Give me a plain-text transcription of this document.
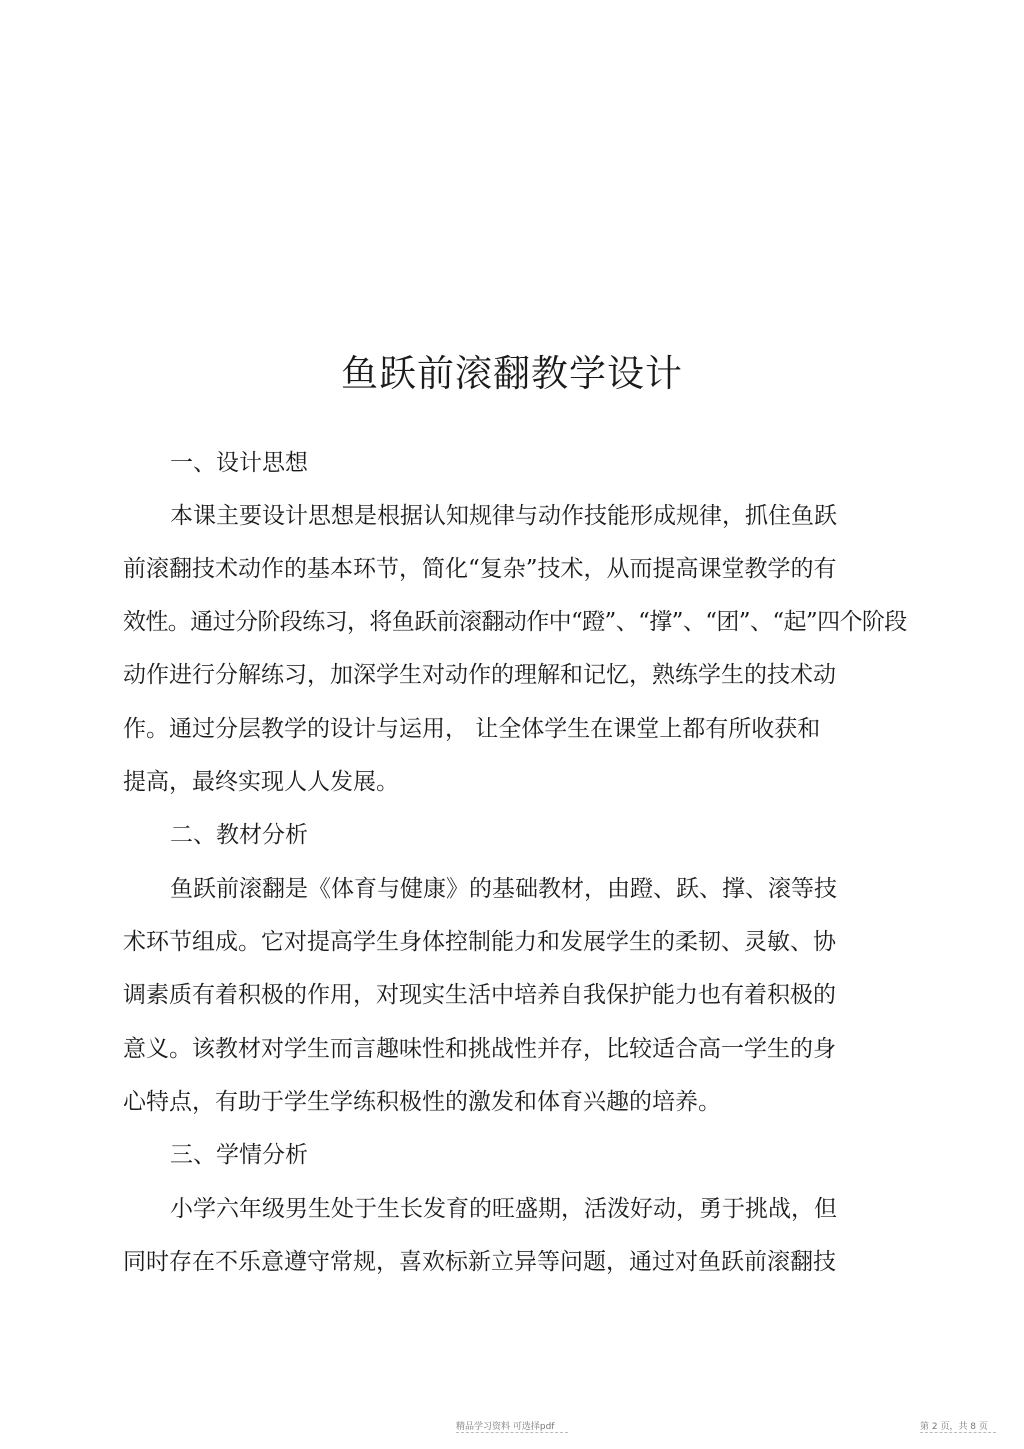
鱼跃前滚翻教学设计

一、设计思想

本课主要设计思想是根据认知规律与动作技能形成规律，抓住鱼跃

前滚翻技术动作的基本环节，简化“复杂”技术，从而提高课堂教学的有

效性。通过分阶段练习，将鱼跃前滚翻动作中“蹬”、“撑”、“团”、“起”四个阶段

动作进行分解练习，加深学生对动作的理解和记忆，熟练学生的技术动

作。通过分层教学的设计与运用， 让全体学生在课堂上都有所收获和

提高，最终实现人人发展。

二、教材分析

鱼跃前滚翻是《体育与健康》的基础教材，由蹬、跃、撑、滚等技

术环节组成。它对提高学生身体控制能力和发展学生的柔韧、灵敏、协

调素质有着积极的作用，对现实生活中培养自我保护能力也有着积极的

意义。该教材对学生而言趣味性和挑战性并存，比较适合高一学生的身

心特点，有助于学生学练积极性的激发和体育兴趣的培养。

三、学情分析

小学六年级男生处于生长发育的旺盛期，活泼好动，勇于挑战，但

同时存在不乐意遵守常规，喜欢标新立异等问题，通过对鱼跃前滚翻技

精品学习资料 可选择pdf	第 2 页，共 8 页
